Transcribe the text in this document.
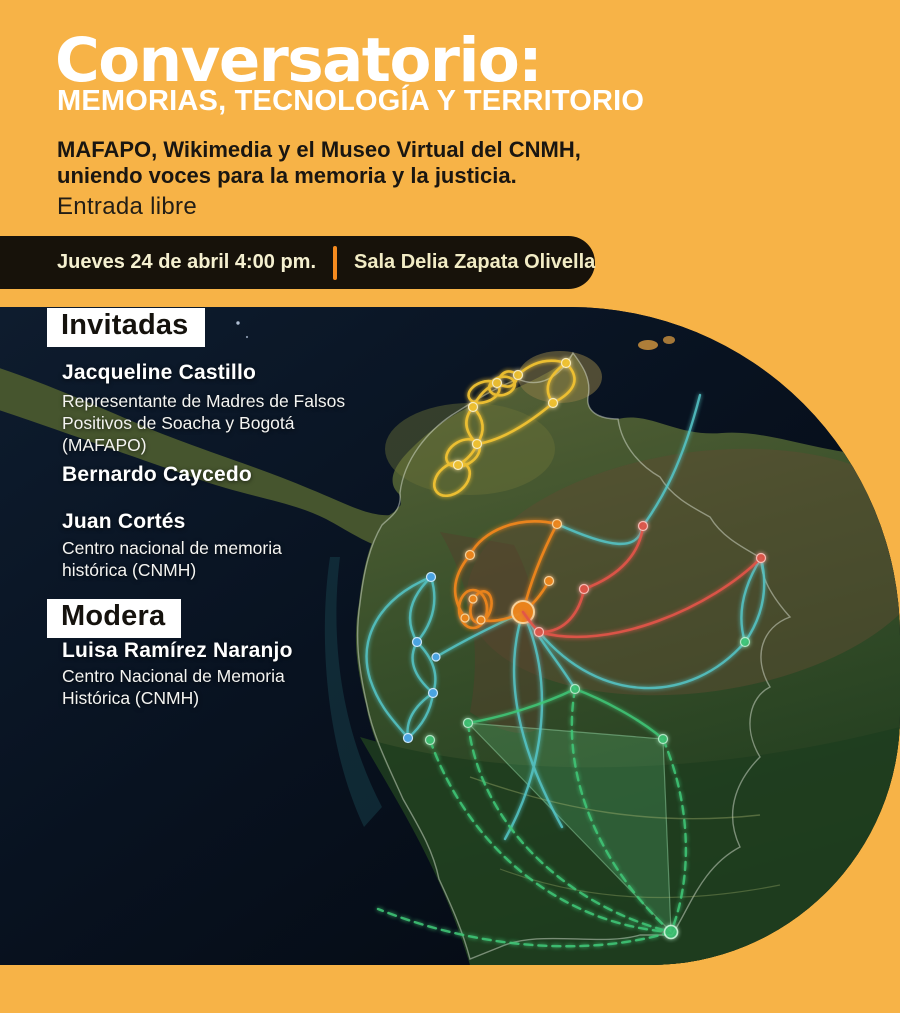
Conversatorio:
MEMORIAS, TECNOLOGÍA Y TERRITORIO

MAFAPO, Wikimedia y el Museo Virtual del CNMH,
uniendo voces para la memoria y la justicia.

Entrada libre

Jueves 24 de abril 4:00 pm. Sala Delia Zapata Olivella
Invitadas

Jacqueline Castillo

Representante de Madres de Falsos
Positivos de Soacha y Bogotá
(MAFAPO)

Bernardo Caycedo

Juan Cortés

Centro nacional de memoria
histórica (CNMH)
Modera

Luisa Ramírez Naranjo

Centro Nacional de Memoria
Histórica (CNMH)
